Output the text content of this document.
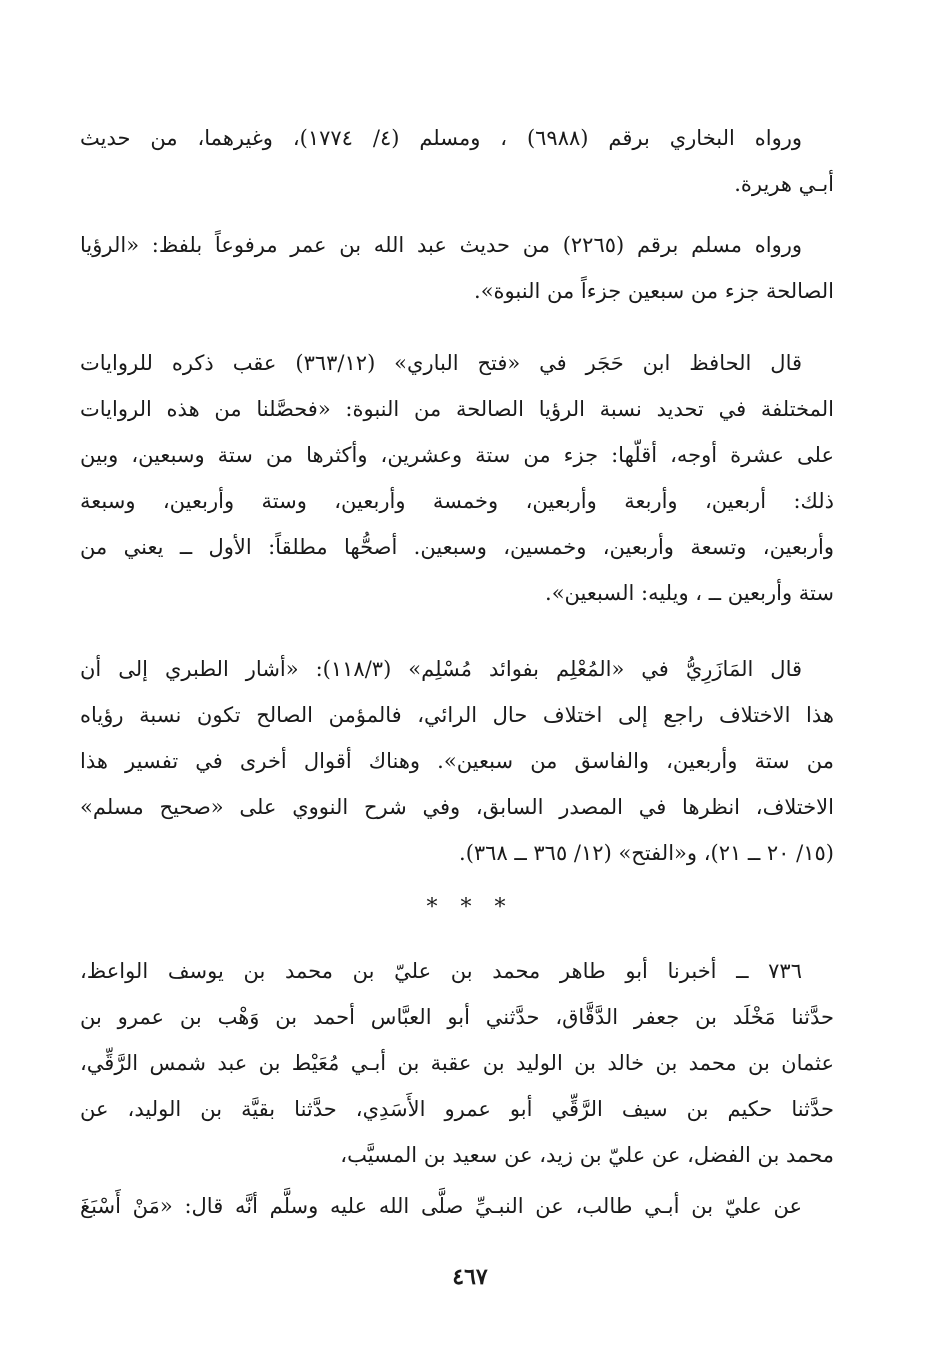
ورواه البخاري برقم (٦٩٨٨) ، ومسلم (٤/ ١٧٧٤)، وغيرهما، من حديث
أبـي هريرة.
ورواه مسلم برقم (٢٢٦٥) من حديث عبد الله بن عمر مرفوعاً بلفظ: «الرؤيا
الصالحة جزء من سبعين جزءاً من النبوة».
قال الحافظ ابن حَجَر في «فتح الباري» (٣٦٣/١٢) عقب ذكره للروايات
المختلفة في تحديد نسبة الرؤيا الصالحة من النبوة: «فحصَّلنا من هذه الروايات
على عشرة أوجه، أقلّها: جزء من ستة وعشرين، وأكثرها من ستة وسبعين، وبين
ذلك: أربعين، وأربعة وأربعين، وخمسة وأربعين، وستة وأربعين، وسبعة
وأربعين، وتسعة وأربعين، وخمسين، وسبعين. أصحُّها مطلقاً: الأول ــ يعني من
ستة وأربعين ــ ، ويليه: السبعين».
قال المَازَرِيُّ في «المُعْلِم بفوائد مُسْلِم» (١١٨/٣): «أشار الطبري إلى أن
هذا الاختلاف راجع إلى اختلاف حال الرائي، فالمؤمن الصالح تكون نسبة رؤياه
من ستة وأربعين، والفاسق من سبعين». وهناك أقوال أخرى في تفسير هذا
الاختلاف، انظرها في المصدر السابق، وفي شرح النووي على «صحيح مسلم»
(١٥/ ٢٠ ــ ٢١)، و«الفتح» (١٢/ ٣٦٥ ــ ٣٦٨).
* * *
٧٣٦ ــ أخبرنا أبو طاهر محمد بن عليّ بن محمد بن يوسف الواعظ،
حدَّثنا مَخْلَد بن جعفر الدَّقَّاق، حدَّثني أبو العبَّاس أحمد بن وَهْب بن عمرو بن
عثمان بن محمد بن خالد بن الوليد بن عقبة بن أبـي مُعَيْط بن عبد شمس الرَّقِّي،
حدَّثنا حكيم بن سيف الرَّقِّي أبو عمرو الأَسَدِي، حدَّثنا بقيَّة بن الوليد، عن
محمد بن الفضل، عن عليّ بن زيد، عن سعيد بن المسيَّب،
عن عليّ بن أبـي طالب، عن النبـيِّ صلَّى الله عليه وسلَّم أنَّه قال: «مَنْ أَسْبَغَ
٤٦٧
